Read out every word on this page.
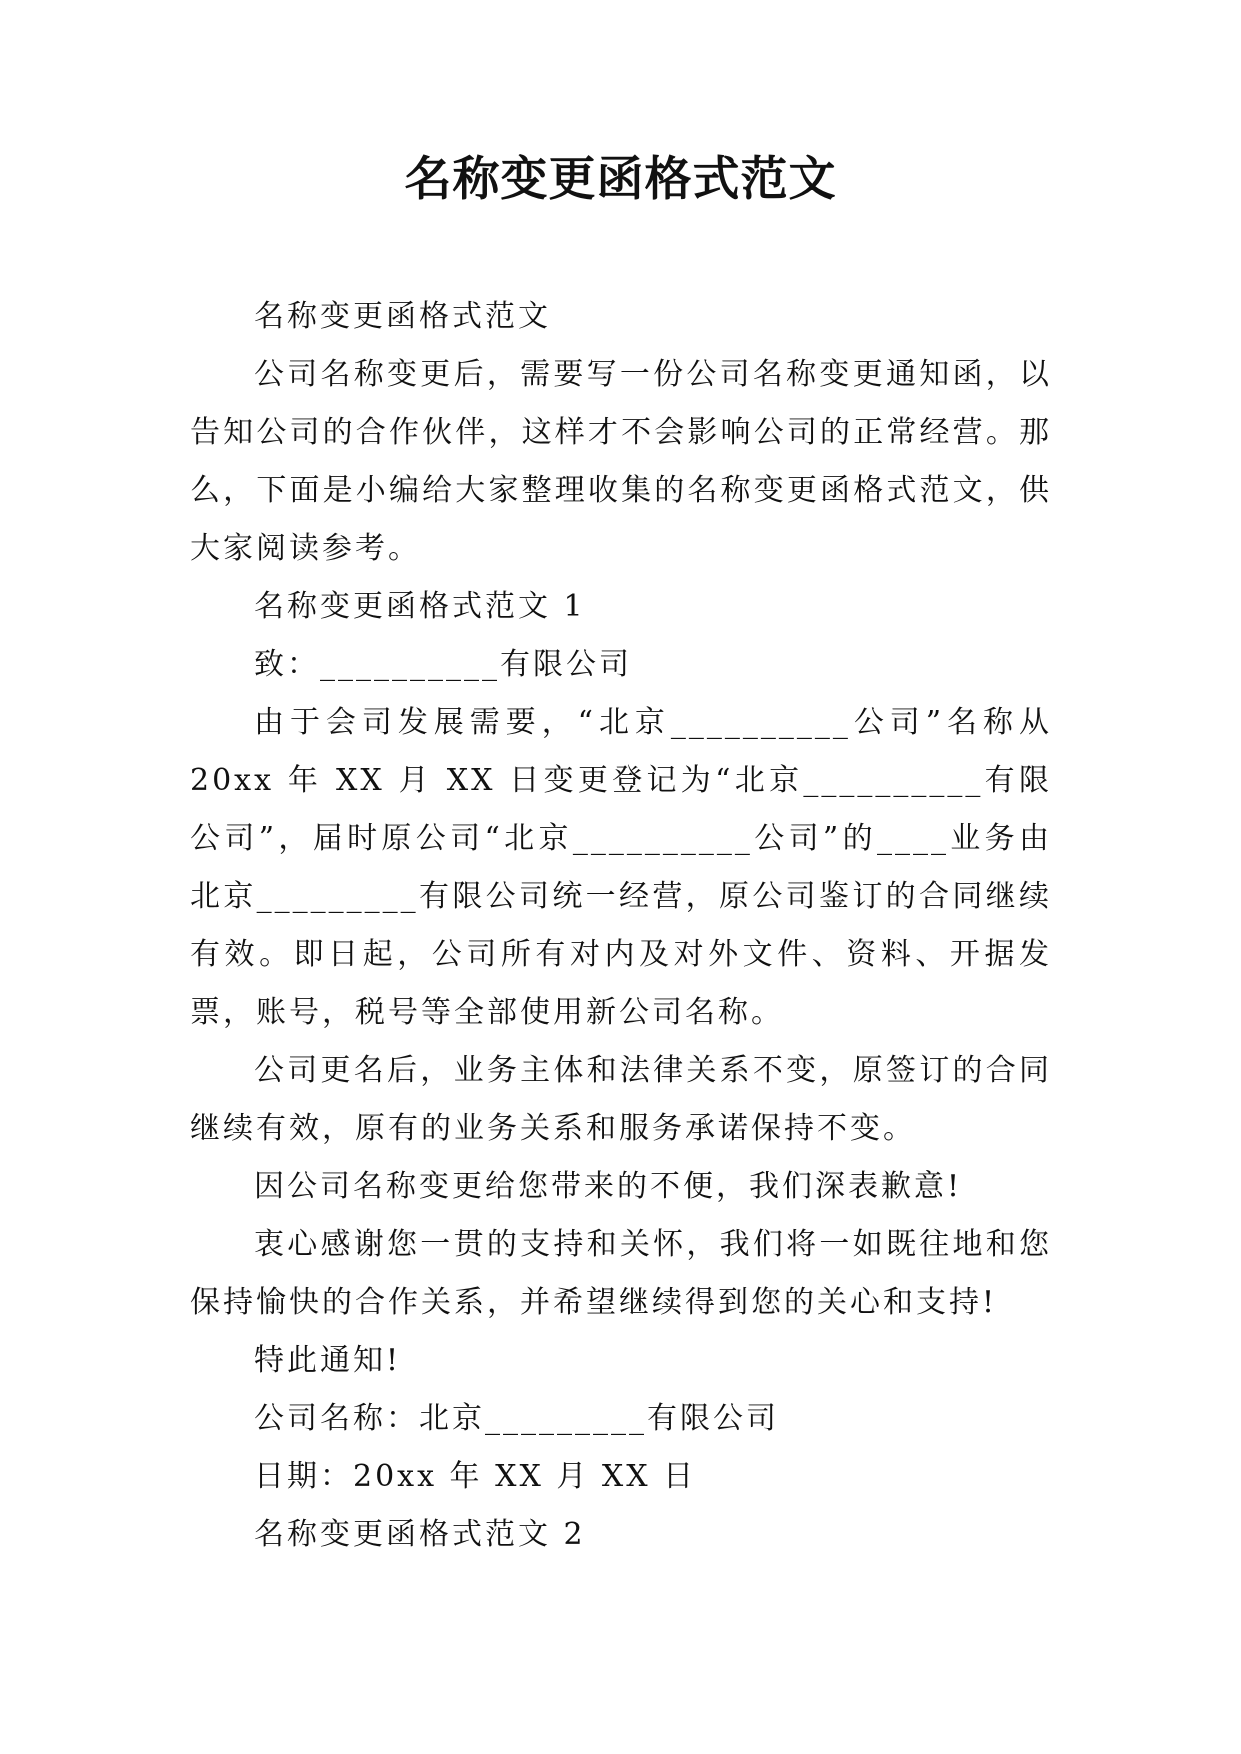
名称变更函格式范文

名称变更函格式范文

公司名称变更后，需要写一份公司名称变更通知函，以告知公司的合作伙伴，这样才不会影响公司的正常经营。那么，下面是小编给大家整理收集的名称变更函格式范文，供大家阅读参考。

名称变更函格式范文 1

致：__________有限公司

由于会司发展需要，“北京__________公司”名称从20xx 年 XX 月 XX 日变更登记为“北京__________有限公司”，届时原公司“北京__________公司”的____业务由北京_________有限公司统一经营，原公司鉴订的合同继续有效。即日起，公司所有对内及对外文件、资料、开据发票，账号，税号等全部使用新公司名称。

公司更名后，业务主体和法律关系不变，原签订的合同继续有效，原有的业务关系和服务承诺保持不变。

因公司名称变更给您带来的不便，我们深表歉意!

衷心感谢您一贯的支持和关怀，我们将一如既往地和您保持愉快的合作关系，并希望继续得到您的关心和支持!

特此通知!

公司名称：北京_________有限公司

日期：20xx 年 XX 月 XX 日

名称变更函格式范文 2
